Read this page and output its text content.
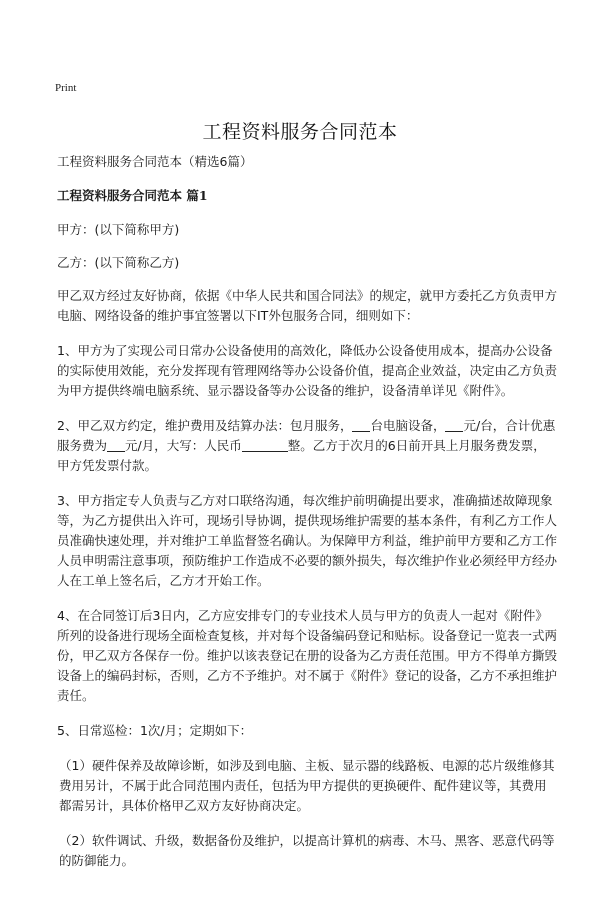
Print
工程资料服务合同范本

工程资料服务合同范本（精选6篇）

工程资料服务合同范本 篇1

甲方：(以下简称甲方)

乙方：(以下简称乙方)

甲乙双方经过友好协商，依据《中华人民共和国合同法》的规定，就甲方委托乙方负责甲方电脑、网络设备的维护事宜签署以下IT外包服务合同，细则如下：

1、甲方为了实现公司日常办公设备使用的高效化，降低办公设备使用成本，提高办公设备的实际使用效能，充分发挥现有管理网络等办公设备价值，提高企业效益，决定由乙方负责为甲方提供终端电脑系统、显示器设备等办公设备的维护，设备清单详见《附件》。

2、甲乙双方约定，维护费用及结算办法：包月服务， 台电脑设备， 元/台，合计优惠服务费为 元/月，大写：人民币	整。乙方于次月的6日前开具上月服务费发票，甲方凭发票付款。

3、甲方指定专人负责与乙方对口联络沟通，每次维护前明确提出要求，准确描述故障现象等，为乙方提供出入许可，现场引导协调，提供现场维护需要的基本条件，有利乙方工作人员准确快速处理，并对维护工单监督签名确认。为保障甲方利益，维护前甲方要和乙方工作人员申明需注意事项，预防维护工作造成不必要的额外损失，每次维护作业必须经甲方经办人在工单上签名后，乙方才开始工作。

4、在合同签订后3日内，乙方应安排专门的专业技术人员与甲方的负责人一起对《附件》所列的设备进行现场全面检查复核，并对每个设备编码登记和贴标。设备登记一览表一式两份，甲乙双方各保存一份。维护以该表登记在册的设备为乙方责任范围。甲方不得单方撕毁设备上的编码封标，否则，乙方不予维护。对不属于《附件》登记的设备，乙方不承担维护责任。

5、日常巡检：1次/月；定期如下：

（1）硬件保养及故障诊断，如涉及到电脑、主板、显示器的线路板、电源的芯片级维修其费用另计，不属于此合同范围内责任，包括为甲方提供的更换硬件、配件建议等，其费用都需另计，具体价格甲乙双方友好协商决定。

（2）软件调试、升级，数据备份及维护，以提高计算机的病毒、木马、黑客、恶意代码等的防御能力。
